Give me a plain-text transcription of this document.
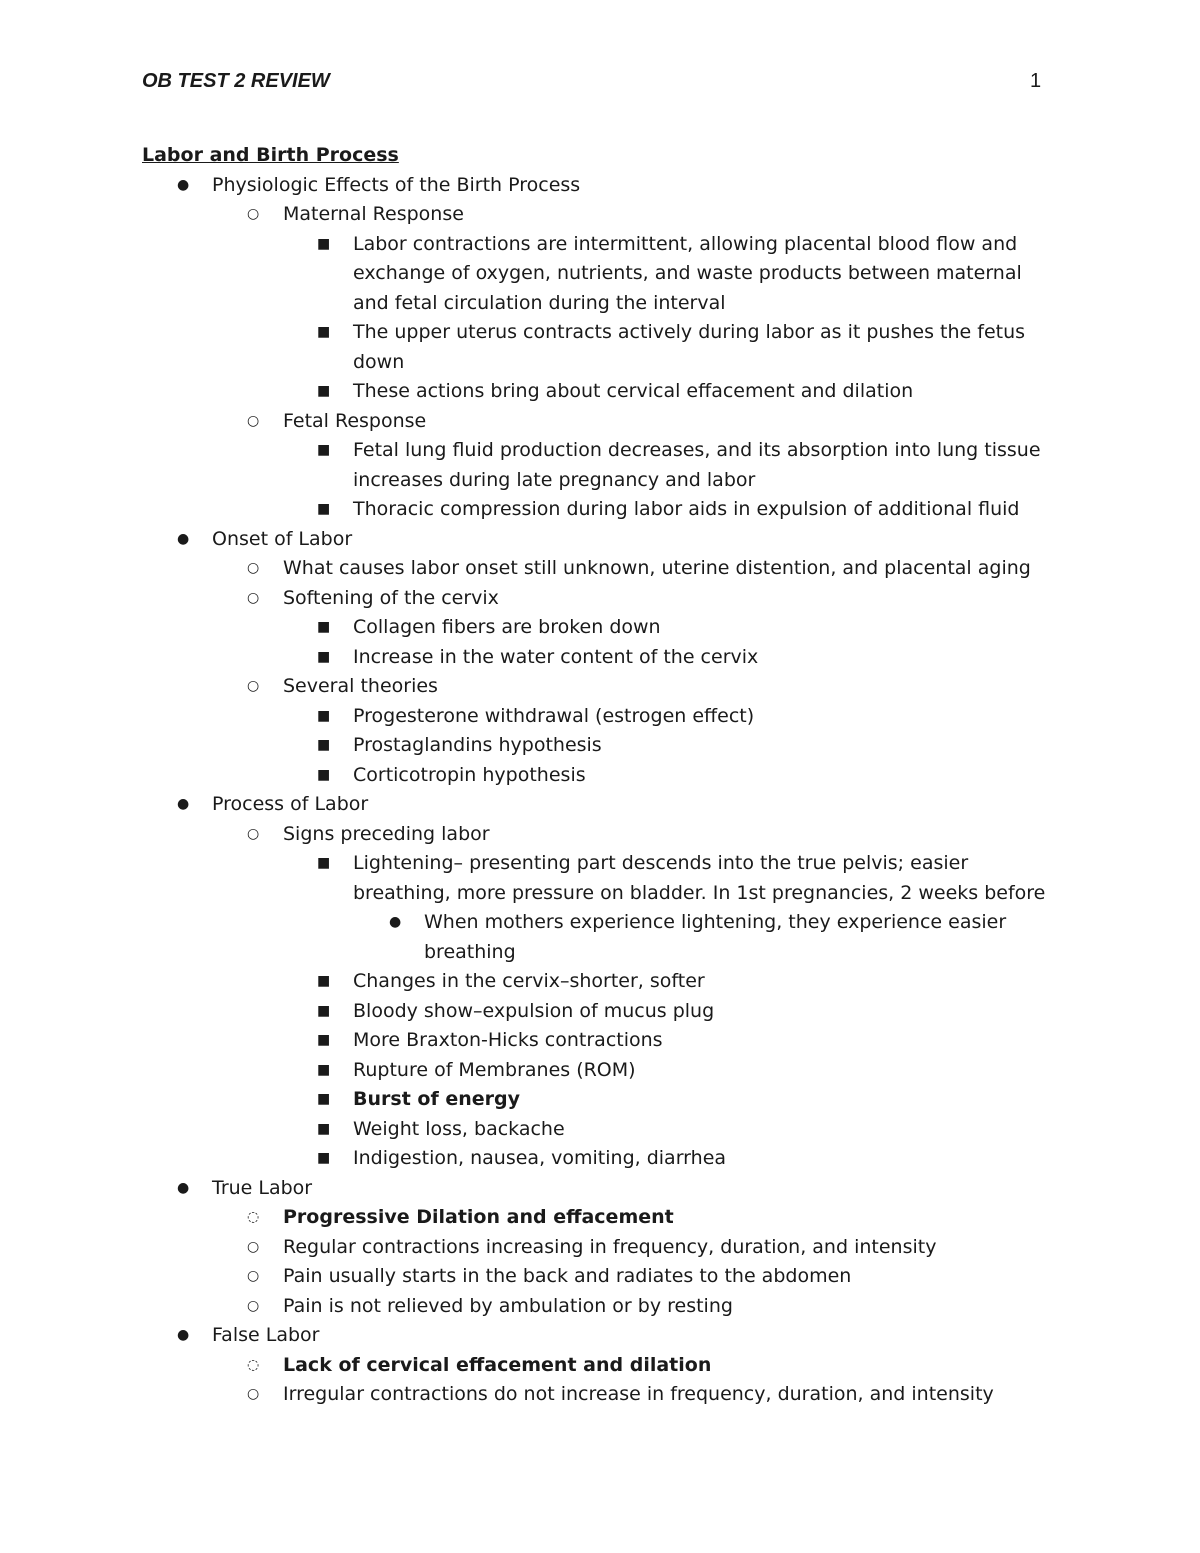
OB TEST 2 REVIEW	1
Labor and Birth Process
● Physiologic Effects of the Birth Process
○ Maternal Response
■ Labor contractions are intermittent, allowing placental blood flow and
exchange of oxygen, nutrients, and waste products between maternal
and fetal circulation during the interval
■ The upper uterus contracts actively during labor as it pushes the fetus
down
■ These actions bring about cervical effacement and dilation
○ Fetal Response
■ Fetal lung fluid production decreases, and its absorption into lung tissue
increases during late pregnancy and labor
■ Thoracic compression during labor aids in expulsion of additional fluid
● Onset of Labor
○ What causes labor onset still unknown, uterine distention, and placental aging
○ Softening of the cervix
■ Collagen fibers are broken down
■ Increase in the water content of the cervix
○ Several theories
■ Progesterone withdrawal (estrogen effect)
■ Prostaglandins hypothesis
■ Corticotropin hypothesis
● Process of Labor
○ Signs preceding labor
■ Lightening– presenting part descends into the true pelvis; easier
breathing, more pressure on bladder. In 1st pregnancies, 2 weeks before
● When mothers experience lightening, they experience easier
breathing
■ Changes in the cervix–shorter, softer
■ Bloody show–expulsion of mucus plug
■ More Braxton-Hicks contractions
■ Rupture of Membranes (ROM)
■ Burst of energy
■ Weight loss, backache
■ Indigestion, nausea, vomiting, diarrhea
● True Labor
◌ Progressive Dilation and effacement
○ Regular contractions increasing in frequency, duration, and intensity
○ Pain usually starts in the back and radiates to the abdomen
○ Pain is not relieved by ambulation or by resting
● False Labor
◌ Lack of cervical effacement and dilation
○ Irregular contractions do not increase in frequency, duration, and intensity
